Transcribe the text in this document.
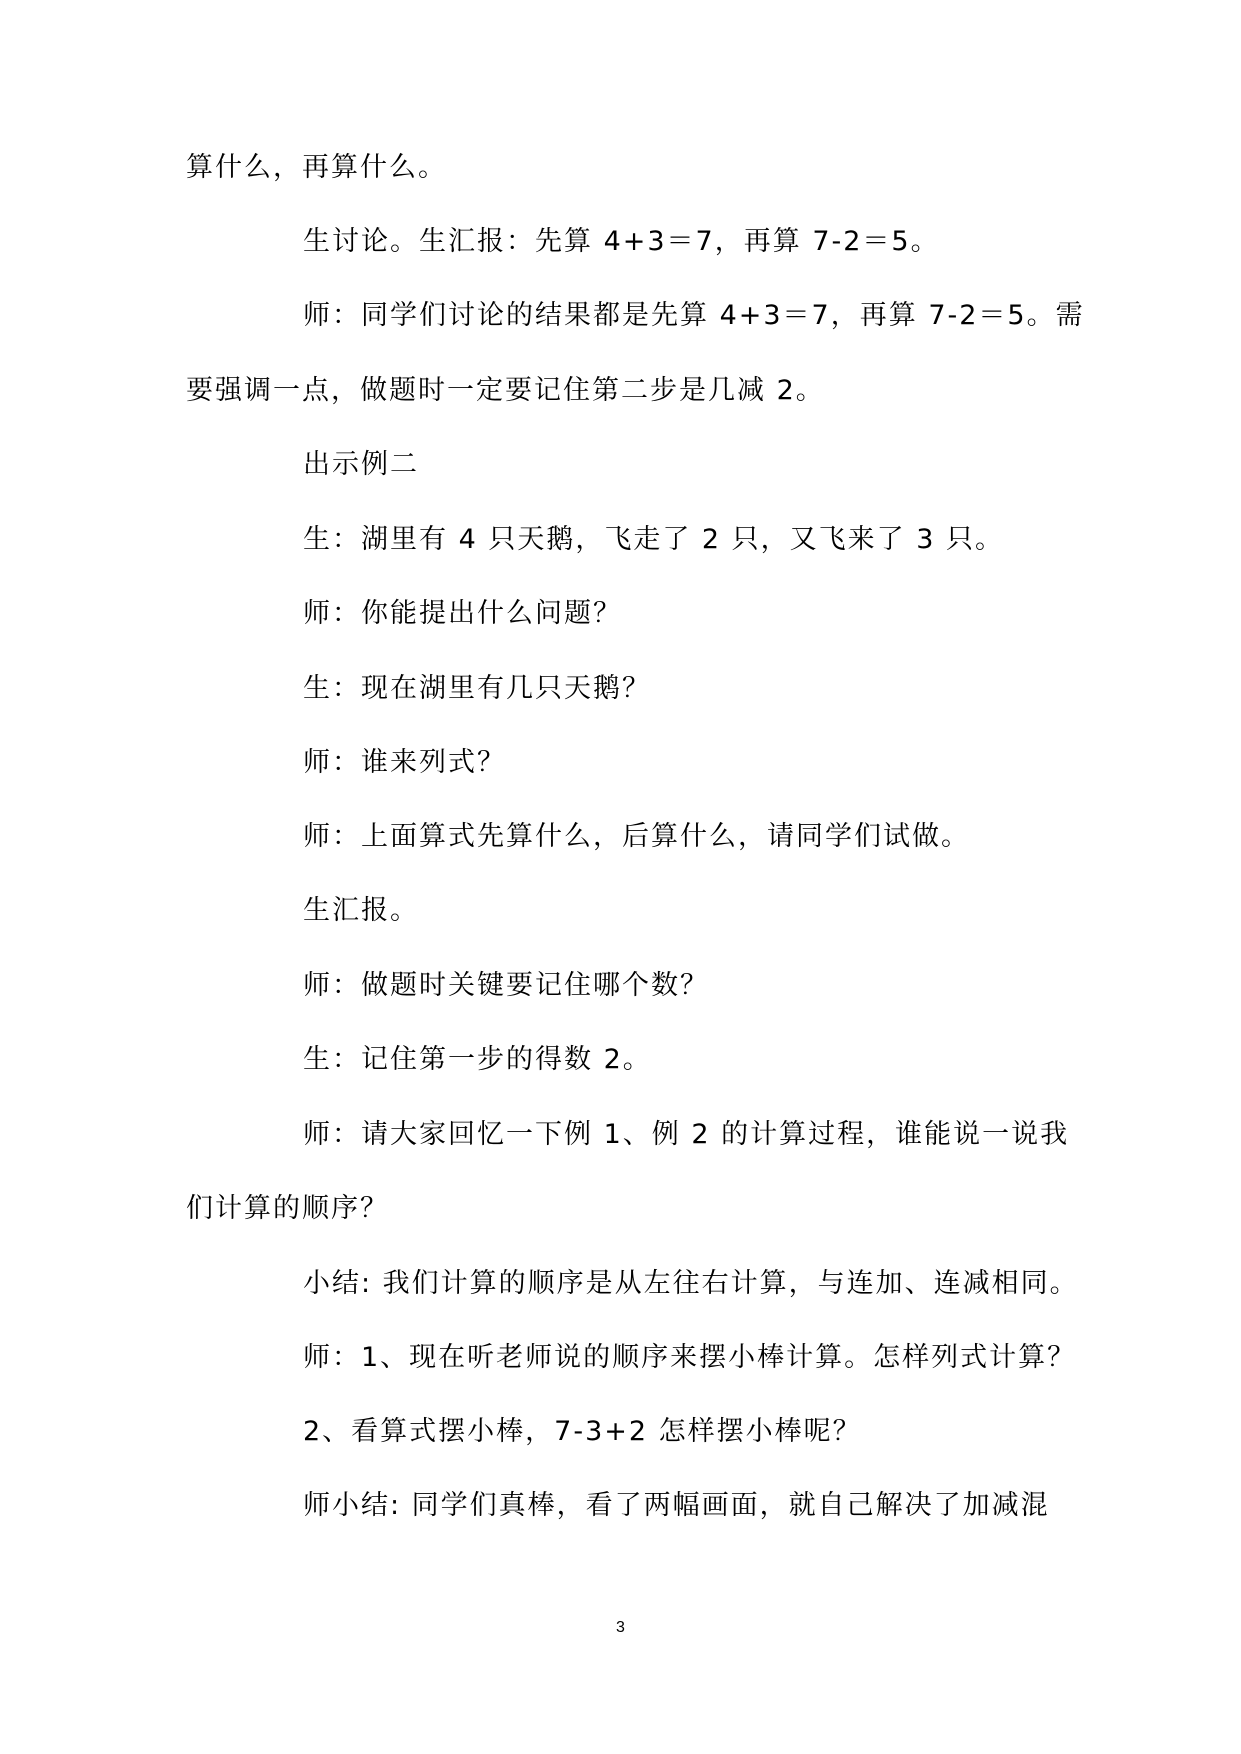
算什么，再算什么。
生讨论。生汇报：先算 4+3＝7，再算 7-2＝5。
师：同学们讨论的结果都是先算 4+3＝7，再算 7-2＝5。需
要强调一点，做题时一定要记住第二步是几减 2。
出示例二
生：湖里有 4 只天鹅，飞走了 2 只，又飞来了 3 只。
师：你能提出什么问题？
生：现在湖里有几只天鹅？
师：谁来列式？
师：上面算式先算什么，后算什么，请同学们试做。
生汇报。
师：做题时关键要记住哪个数？
生：记住第一步的得数 2。
师：请大家回忆一下例 1、例 2 的计算过程，谁能说一说我
们计算的顺序？
小结: 我们计算的顺序是从左往右计算，与连加、连减相同。
师：1、现在听老师说的顺序来摆小棒计算。怎样列式计算？
2、看算式摆小棒，7-3+2 怎样摆小棒呢？
师小结: 同学们真棒，看了两幅画面，就自己解决了加减混
3
